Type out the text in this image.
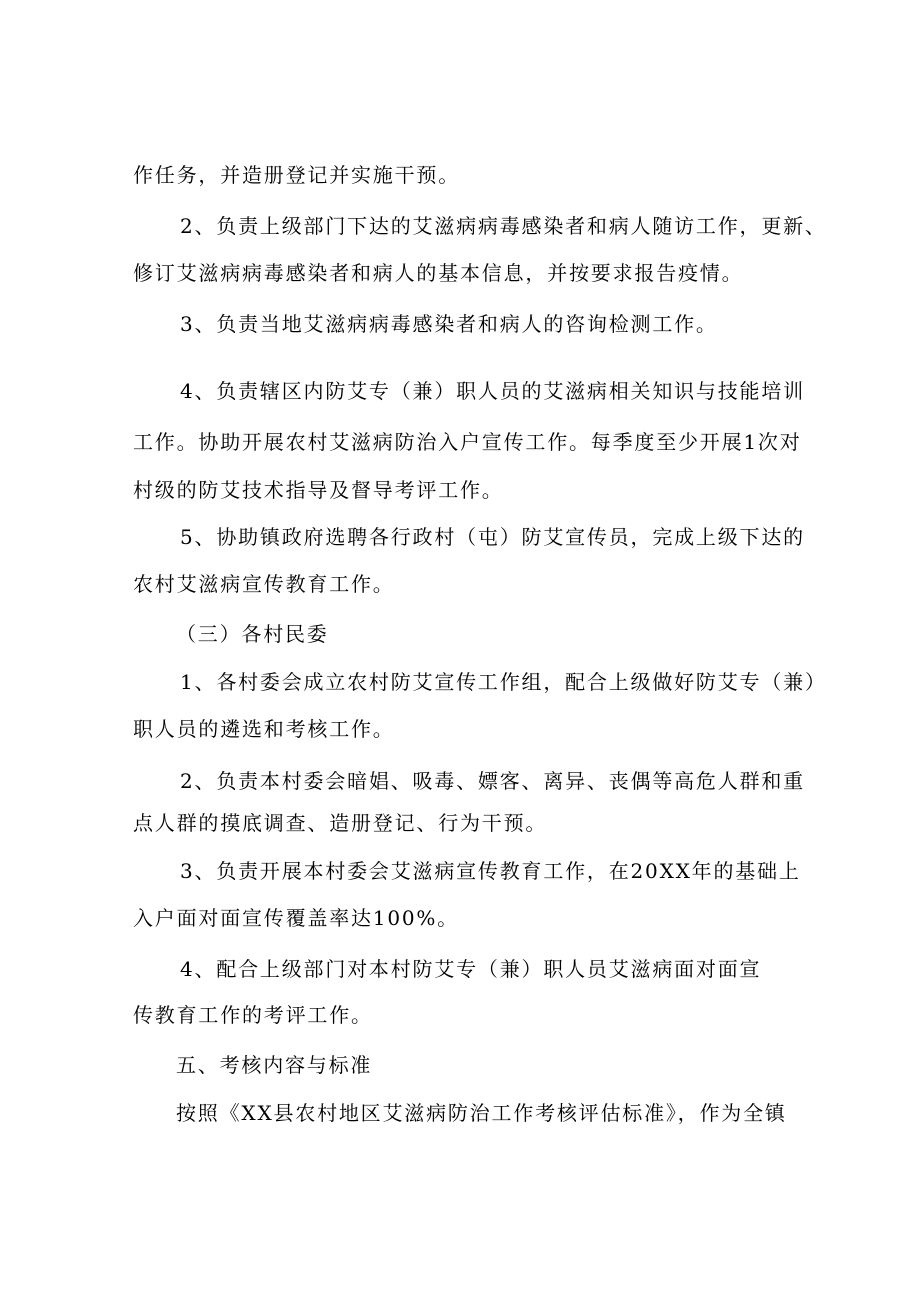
作任务，并造册登记并实施干预。
2、负责上级部门下达的艾滋病病毒感染者和病人随访工作，更新、
修订艾滋病病毒感染者和病人的基本信息，并按要求报告疫情。
3、负责当地艾滋病病毒感染者和病人的咨询检测工作。
4、负责辖区内防艾专（兼）职人员的艾滋病相关知识与技能培训
工作。协助开展农村艾滋病防治入户宣传工作。每季度至少开展1次对
村级的防艾技术指导及督导考评工作。
5、协助镇政府选聘各行政村（屯）防艾宣传员，完成上级下达的
农村艾滋病宣传教育工作。
（三）各村民委
1、各村委会成立农村防艾宣传工作组，配合上级做好防艾专（兼）
职人员的遴选和考核工作。
2、负责本村委会暗娼、吸毒、嫖客、离异、丧偶等高危人群和重
点人群的摸底调查、造册登记、行为干预。
3、负责开展本村委会艾滋病宣传教育工作，在20XX年的基础上
入户面对面宣传覆盖率达100%。
4、配合上级部门对本村防艾专（兼）职人员艾滋病面对面宣
传教育工作的考评工作。
五、考核内容与标准
按照《XX县农村地区艾滋病防治工作考核评估标准》，作为全镇
